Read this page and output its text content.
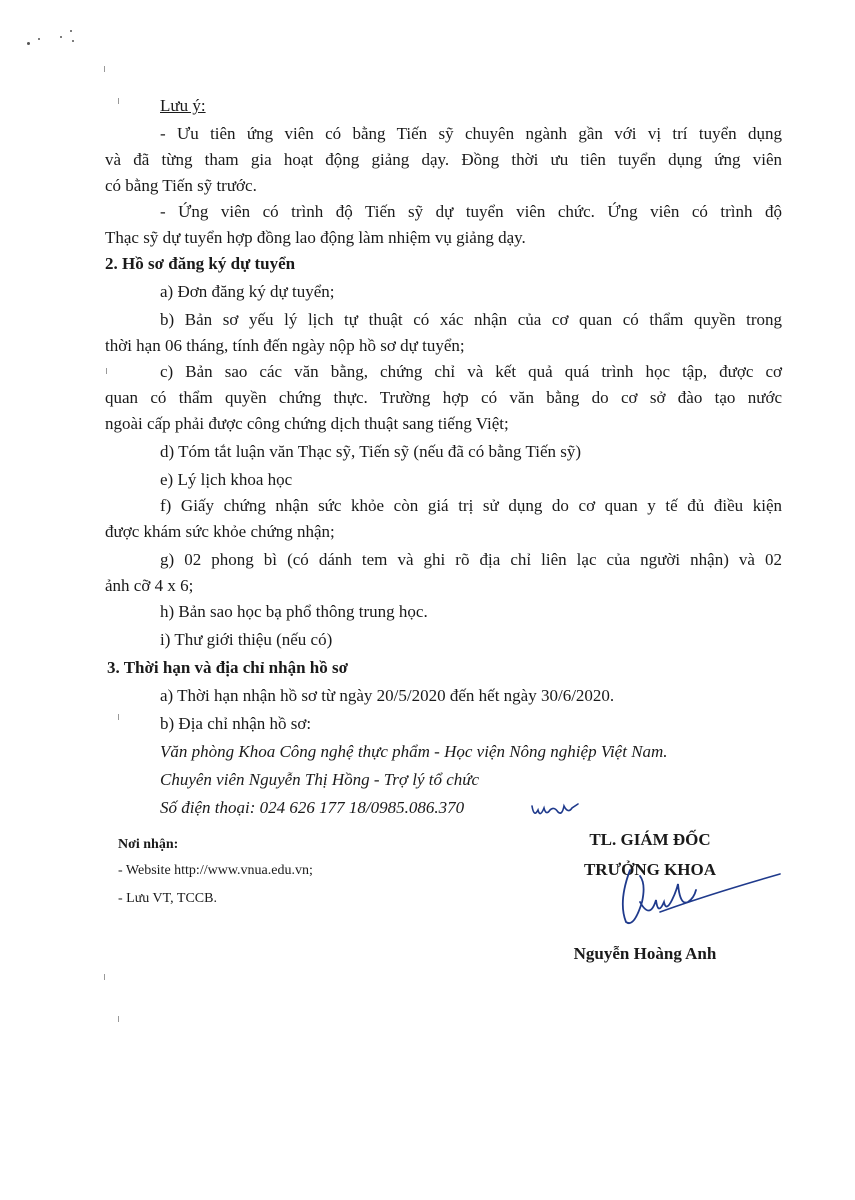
Lưu ý:
- Ưu tiên ứng viên có bằng Tiến sỹ chuyên ngành gần với vị trí tuyển dụng
và đã từng tham gia hoạt động giảng dạy. Đồng thời ưu tiên tuyển dụng ứng viên
có bằng Tiến sỹ trước.
- Ứng viên có trình độ Tiến sỹ dự tuyển viên chức. Ứng viên có trình độ
Thạc sỹ dự tuyển hợp đồng lao động làm nhiệm vụ giảng dạy.
2. Hồ sơ đăng ký dự tuyển
a) Đơn đăng ký dự tuyển;
b) Bản sơ yếu lý lịch tự thuật có xác nhận của cơ quan có thẩm quyền trong
thời hạn 06 tháng, tính đến ngày nộp hồ sơ dự tuyển;
c) Bản sao các văn bằng, chứng chỉ và kết quả quá trình học tập, được cơ
quan có thẩm quyền chứng thực. Trường hợp có văn bằng do cơ sở đào tạo nước
ngoài cấp phải được công chứng dịch thuật sang tiếng Việt;
d) Tóm tắt luận văn Thạc sỹ, Tiến sỹ (nếu đã có bằng Tiến sỹ)
e) Lý lịch khoa học
f) Giấy chứng nhận sức khỏe còn giá trị sử dụng do cơ quan y tế đủ điều kiện
được khám sức khỏe chứng nhận;
g) 02 phong bì (có dánh tem và ghi rõ địa chỉ liên lạc của người nhận) và 02
ảnh cỡ 4 x 6;
h) Bản sao học bạ phổ thông trung học.
i) Thư giới thiệu (nếu có)
3. Thời hạn và địa chỉ nhận hồ sơ
a) Thời hạn nhận hồ sơ từ ngày 20/5/2020 đến hết ngày 30/6/2020.
b) Địa chỉ nhận hồ sơ:
Văn phòng Khoa Công nghệ thực phẩm - Học viện Nông nghiệp Việt Nam.
Chuyên viên Nguyễn Thị Hồng - Trợ lý tổ chức
Số điện thoại: 024 626 177 18/0985.086.370
Nơi nhận:
- Website http://www.vnua.edu.vn;
- Lưu VT, TCCB.
TL. GIÁM ĐỐC
TRƯỞNG KHOA
Nguyễn Hoàng Anh
